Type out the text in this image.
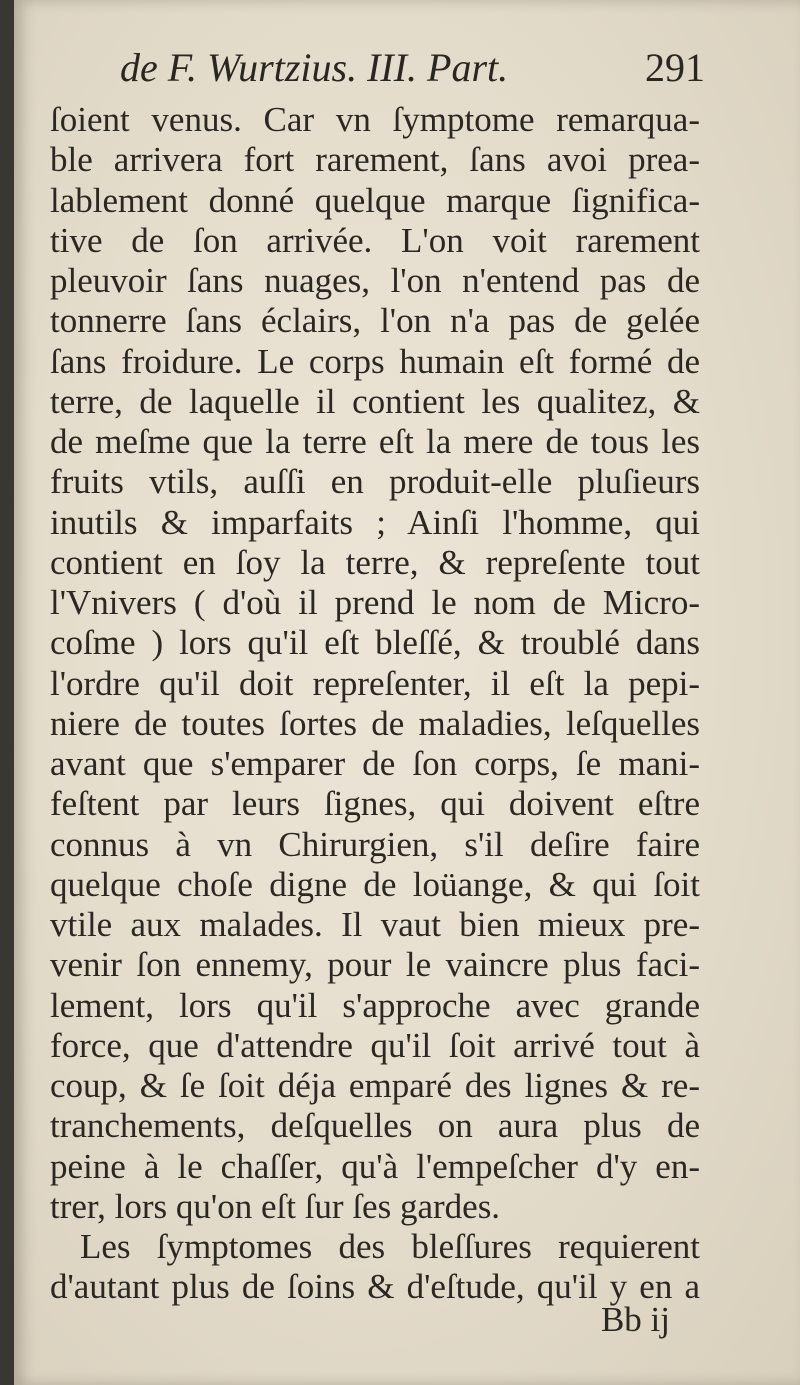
de F. Wurtzius. III. Part.	291
ſoient venus. Car vn ſymptome remarqua-
ble arrivera fort rarement, ſans avoi prea-
lablement donné quelque marque ſignifica-
tive de ſon arrivée. L'on voit rarement
pleuvoir ſans nuages, l'on n'entend pas de
tonnerre ſans éclairs, l'on n'a pas de gelée
ſans froidure. Le corps humain eſt formé de
terre, de laquelle il contient les qualitez, &
de meſme que la terre eſt la mere de tous les
fruits vtils, auſſi en produit-elle pluſieurs
inutils & imparfaits ; Ainſi l'homme, qui
contient en ſoy la terre, & repreſente tout
l'Vnivers ( d'où il prend le nom de Micro-
coſme ) lors qu'il eſt bleſſé, & troublé dans
l'ordre qu'il doit repreſenter, il eſt la pepi-
niere de toutes ſortes de maladies, leſquelles
avant que s'emparer de ſon corps, ſe mani-
feſtent par leurs ſignes, qui doivent eſtre
connus à vn Chirurgien, s'il deſire faire
quelque choſe digne de loüange, & qui ſoit
vtile aux malades. Il vaut bien mieux pre-
venir ſon ennemy, pour le vaincre plus faci-
lement, lors qu'il s'approche avec grande
force, que d'attendre qu'il ſoit arrivé tout à
coup, & ſe ſoit déja emparé des lignes & re-
tranchements, deſquelles on aura plus de
peine à le chaſſer, qu'à l'empeſcher d'y en-
trer, lors qu'on eſt ſur ſes gardes.
Les ſymptomes des bleſſures requierent
d'autant plus de ſoins & d'eſtude, qu'il y en a
Bb ij
